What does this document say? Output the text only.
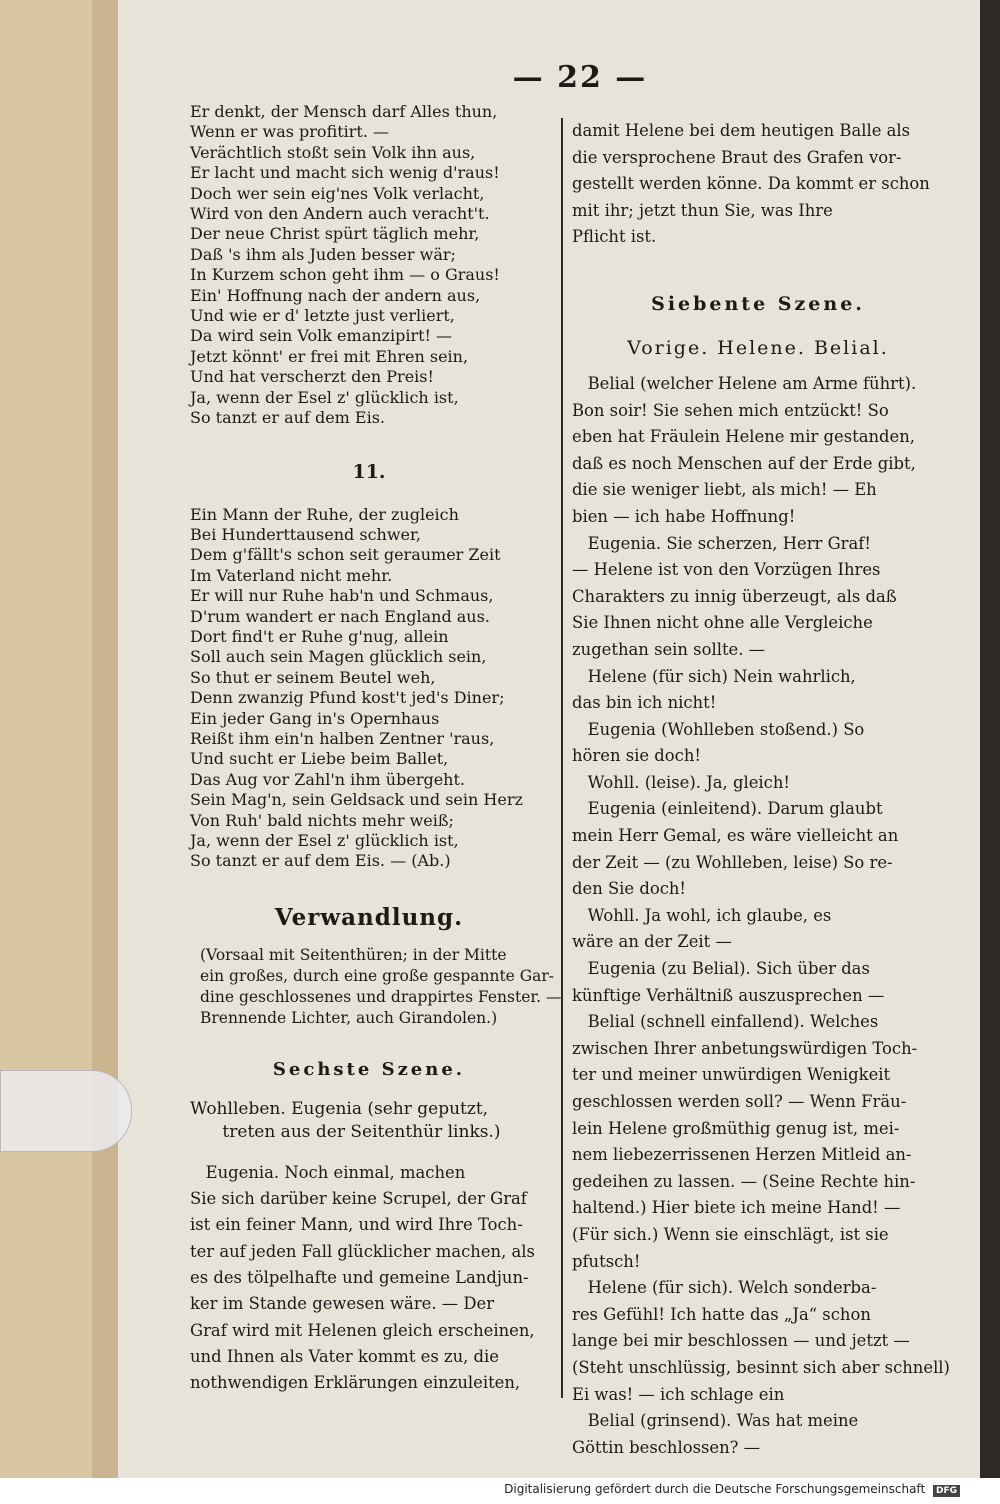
— 22 —
Er denkt, der Mensch darf Alles thun,
Wenn er was profitirt. —
Verächtlich stoßt sein Volk ihn aus,
Er lacht und macht sich wenig d'raus!
Doch wer sein eig'nes Volk verlacht,
Wird von den Andern auch veracht't.
Der neue Christ spürt täglich mehr,
Daß 's ihm als Juden besser wär;
In Kurzem schon geht ihm — o Graus!
Ein' Hoffnung nach der andern aus,
Und wie er d' letzte just verliert,
Da wird sein Volk emanzipirt! —
Jetzt könnt' er frei mit Ehren sein,
Und hat verscherzt den Preis!
Ja, wenn der Esel z' glücklich ist,
So tanzt er auf dem Eis.
11.
Ein Mann der Ruhe, der zugleich
Bei Hunderttausend schwer,
Dem g'fällt's schon seit geraumer Zeit
Im Vaterland nicht mehr.
Er will nur Ruhe hab'n und Schmaus,
D'rum wandert er nach England aus.
Dort find't er Ruhe g'nug, allein
Soll auch sein Magen glücklich sein,
So thut er seinem Beutel weh,
Denn zwanzig Pfund kost't jed's Diner;
Ein jeder Gang in's Opernhaus
Reißt ihm ein'n halben Zentner 'raus,
Und sucht er Liebe beim Ballet,
Das Aug vor Zahl'n ihm übergeht.
Sein Mag'n, sein Geldsack und sein Herz
Von Ruh' bald nichts mehr weiß;
Ja, wenn der Esel z' glücklich ist,
So tanzt er auf dem Eis. — (Ab.)
Verwandlung.
(Vorsaal mit Seitenthüren; in der Mitte
ein großes, durch eine große gespannte Gar-
dine geschlossenes und drappirtes Fenster. —
Brennende Lichter, auch Girandolen.)
Sechste Szene.
Wohlleben. Eugenia (sehr geputzt,
treten aus der Seitenthür links.)
Eugenia. Noch einmal, machen
Sie sich darüber keine Scrupel, der Graf
ist ein feiner Mann, und wird Ihre Toch-
ter auf jeden Fall glücklicher machen, als
es des tölpelhafte und gemeine Landjun-
ker im Stande gewesen wäre. — Der
Graf wird mit Helenen gleich erscheinen,
und Ihnen als Vater kommt es zu, die
nothwendigen Erklärungen einzuleiten,
damit Helene bei dem heutigen Balle als
die versprochene Braut des Grafen vor-
gestellt werden könne. Da kommt er schon
mit ihr; jetzt thun Sie, was Ihre
Pflicht ist.
Siebente Szene.
Vorige. Helene. Belial.
Belial (welcher Helene am Arme führt).
Bon soir! Sie sehen mich entzückt! So
eben hat Fräulein Helene mir gestanden,
daß es noch Menschen auf der Erde gibt,
die sie weniger liebt, als mich! — Eh
bien — ich habe Hoffnung!
Eugenia. Sie scherzen, Herr Graf!
— Helene ist von den Vorzügen Ihres
Charakters zu innig überzeugt, als daß
Sie Ihnen nicht ohne alle Vergleiche
zugethan sein sollte. —
Helene (für sich) Nein wahrlich,
das bin ich nicht!
Eugenia (Wohlleben stoßend.) So
hören sie doch!
Wohll. (leise). Ja, gleich!
Eugenia (einleitend). Darum glaubt
mein Herr Gemal, es wäre vielleicht an
der Zeit — (zu Wohlleben, leise) So re-
den Sie doch!
Wohll. Ja wohl, ich glaube, es
wäre an der Zeit —
Eugenia (zu Belial). Sich über das
künftige Verhältniß auszusprechen —
Belial (schnell einfallend). Welches
zwischen Ihrer anbetungswürdigen Toch-
ter und meiner unwürdigen Wenigkeit
geschlossen werden soll? — Wenn Fräu-
lein Helene großmüthig genug ist, mei-
nem liebezerrissenen Herzen Mitleid an-
gedeihen zu lassen. — (Seine Rechte hin-
haltend.) Hier biete ich meine Hand! —
(Für sich.) Wenn sie einschlägt, ist sie
pfutsch!
Helene (für sich). Welch sonderba-
res Gefühl! Ich hatte das „Ja“ schon
lange bei mir beschlossen — und jetzt —
(Steht unschlüssig, besinnt sich aber schnell)
Ei was! — ich schlage ein
Belial (grinsend). Was hat meine
Göttin beschlossen? —
Digitalisierung gefördert durch die Deutsche Forschungsgemeinschaft DFG
